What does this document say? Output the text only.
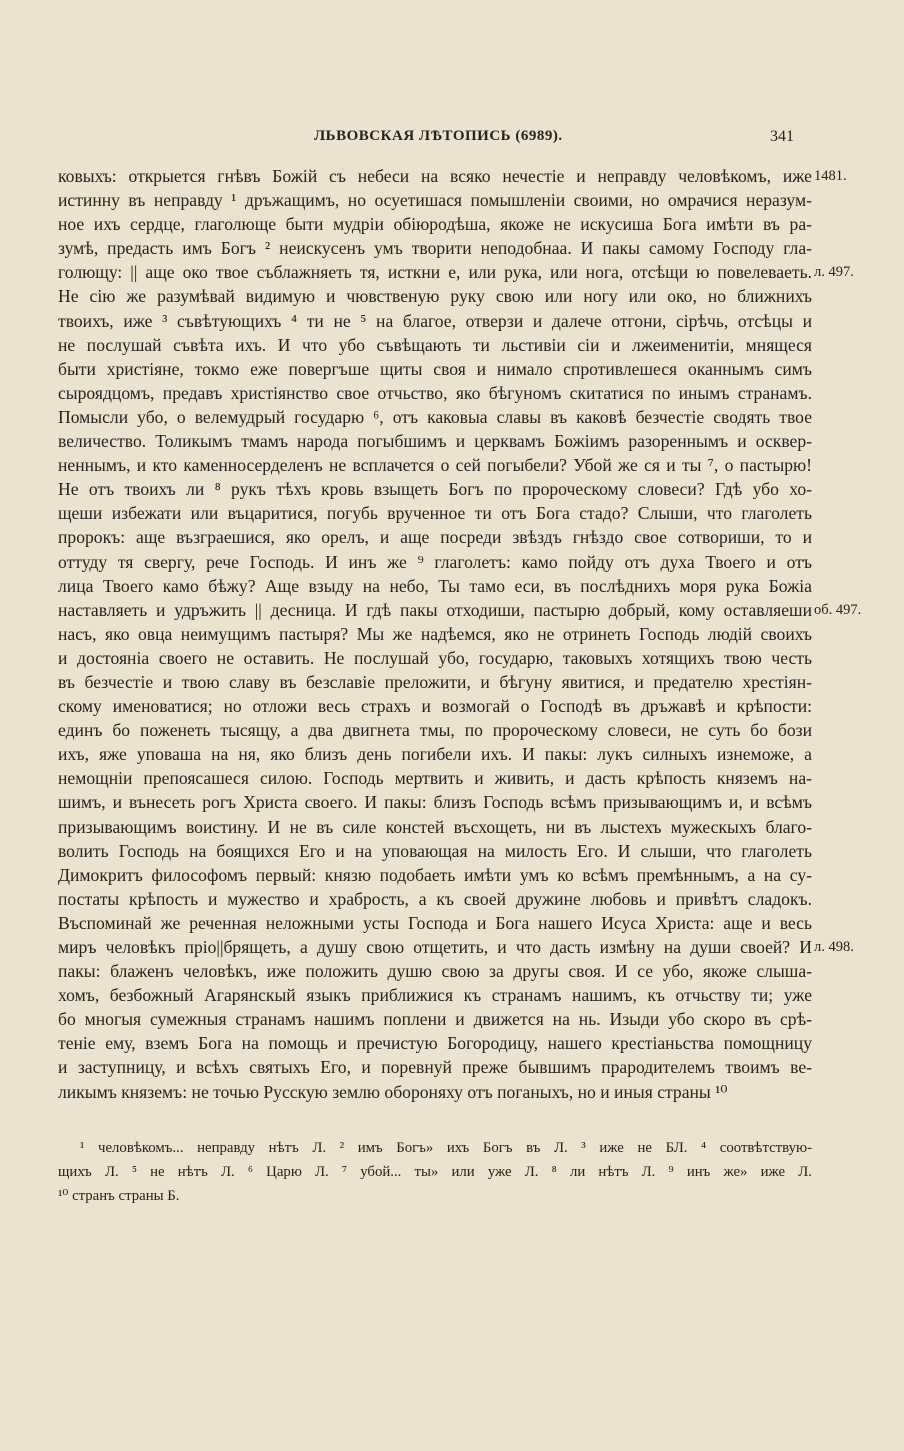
ЛЬВОВСКАЯ ЛѢТОПИСЬ (6989).	341
ковыхъ: открыется гнѣвъ Божій съ небеси на всяко нечестіе и неправду человѣкомъ, иже
истинну въ неправду ¹ дръжащимъ, но осуетишася помышленіи своими, но омрачися неразум-
ное ихъ сердце, глаголюще быти мудріи обіюродѣша, якоже не искусиша Бога имѣти въ ра-
зумѣ, предасть имъ Богъ ² неискусенъ умъ творити неподобнаа. И пакы самому Господу гла-
голющу: || аще око твое съблажняеть тя, исткни е, или рука, или нога, отсѣщи ю повелеваеть.
Не сію же разумѣвай видимую и чювственую руку свою или ногу или око, но ближнихъ
твоихъ, иже ³ съвѣтующихъ ⁴ ти не ⁵ на благое, отверзи и далече отгони, сірѣчь, отсѣцы и
не послушай съвѣта ихъ. И что убо съвѣщають ти льстивіи сіи и лжеименитіи, мнящеся
быти христіяне, токмо еже повергъше щиты своя и нимало спротивлешеся оканнымъ симъ
сыроядцомъ, предавъ христіянство свое отчьство, яко бѣгуномъ скитатися по инымъ странамъ.
Помысли убо, о велемудрый государю ⁶, отъ каковыа славы въ каковѣ безчестіе сводять твое
величество. Толикымъ тмамъ народа погыбшимъ и церквамъ Божіимъ разореннымъ и осквер-
неннымъ, и кто каменносерделенъ не всплачется о сей погыбели? Убой же ся и ты ⁷, о пастырю!
Не отъ твоихъ ли ⁸ рукъ тѣхъ кровь взыщеть Богъ по пророческому словеси? Гдѣ убо хо-
щеши избежати или въцаритися, погубь врученное ти отъ Бога стадо? Слыши, что глаголеть
пророкъ: аще възграешися, яко орелъ, и аще посреди звѣздъ гнѣздо свое сотвориши, то и
оттуду тя свергу, рече Господь. И инъ же ⁹ глаголетъ: камо пойду отъ духа Твоего и отъ
лица Твоего камо бѣжу? Аще взыду на небо, Ты тамо еси, въ послѣднихъ моря рука Божіа
наставляеть и удръжить || десница. И гдѣ пакы отходиши, пастырю добрый, кому оставляеши
насъ, яко овца неимущимъ пастыря? Мы же надѣемся, яко не отринеть Господь людій своихъ
и достояніа своего не оставить. Не послушай убо, государю, таковыхъ хотящихъ твою честь
въ безчестіе и твою славу въ безславіе преложити, и бѣгуну явитися, и предателю хрестіян-
скому именоватися; но отложи весь страхъ и возмогай о Господѣ въ дръжавѣ и крѣпости:
единъ бо поженеть тысящу, а два двигнета тмы, по пророческому словеси, не суть бо бози
ихъ, яже уповаша на ня, яко близъ день погибели ихъ. И пакы: лукъ силныхъ изнеможе, а
немощніи препоясашеся силою. Господь мертвить и живить, и дасть крѣпость княземъ на-
шимъ, и вънесеть рогъ Христа своего. И пакы: близъ Господь всѣмъ призывающимъ и, и всѣмъ
призывающимъ воистину. И не въ силе констей въсхощеть, ни въ лыстехъ мужескыхъ благо-
волить Господь на боящихся Его и на уповающая на милость Его. И слыши, что глаголеть
Димокритъ философомъ первый: князю подобаеть имѣти умъ ко всѣмъ премѣннымъ, а на су-
постаты крѣпость и мужество и храбрость, а къ своей дружине любовь и привѣтъ сладокъ.
Въспоминай же реченная неложными усты Господа и Бога нашего Исуса Христа: аще и весь
миръ человѣкъ пріо||брящеть, а душу свою отщетить, и что дасть измѣну на души своей? И
пакы: блаженъ человѣкъ, иже положить душю свою за другы своя. И се убо, якоже слыша-
хомъ, безбожный Агарянскый языкъ приближися къ странамъ нашимъ, къ отчьству ти; уже
бо многыя сумежныя странамъ нашимъ поплени и движется на нь. Изыди убо скоро въ срѣ-
теніе ему, вземъ Бога на помощь и пречистую Богородицу, нашего крестіаньства помощницу
и заступницу, и всѣхъ святыхъ Его, и поревнуй преже бывшимъ прародителемъ твоимъ ве-
ликымъ княземъ: не точью Русскую землю обороняху отъ поганыхъ, но и иныя страны ¹⁰
1481.
л. 497.
об. 497.
л. 498.
¹ человѣкомъ... неправду нѣтъ Л. ² имъ Богъ» ихъ Богъ въ Л. ³ иже не БЛ. ⁴ соотвѣтствую-
щихъ Л. ⁵ не нѣтъ Л. ⁶ Царю Л. ⁷ убой... ты» или уже Л. ⁸ ли нѣтъ Л. ⁹ инъ же» иже Л.
¹⁰ странъ страны Б.
